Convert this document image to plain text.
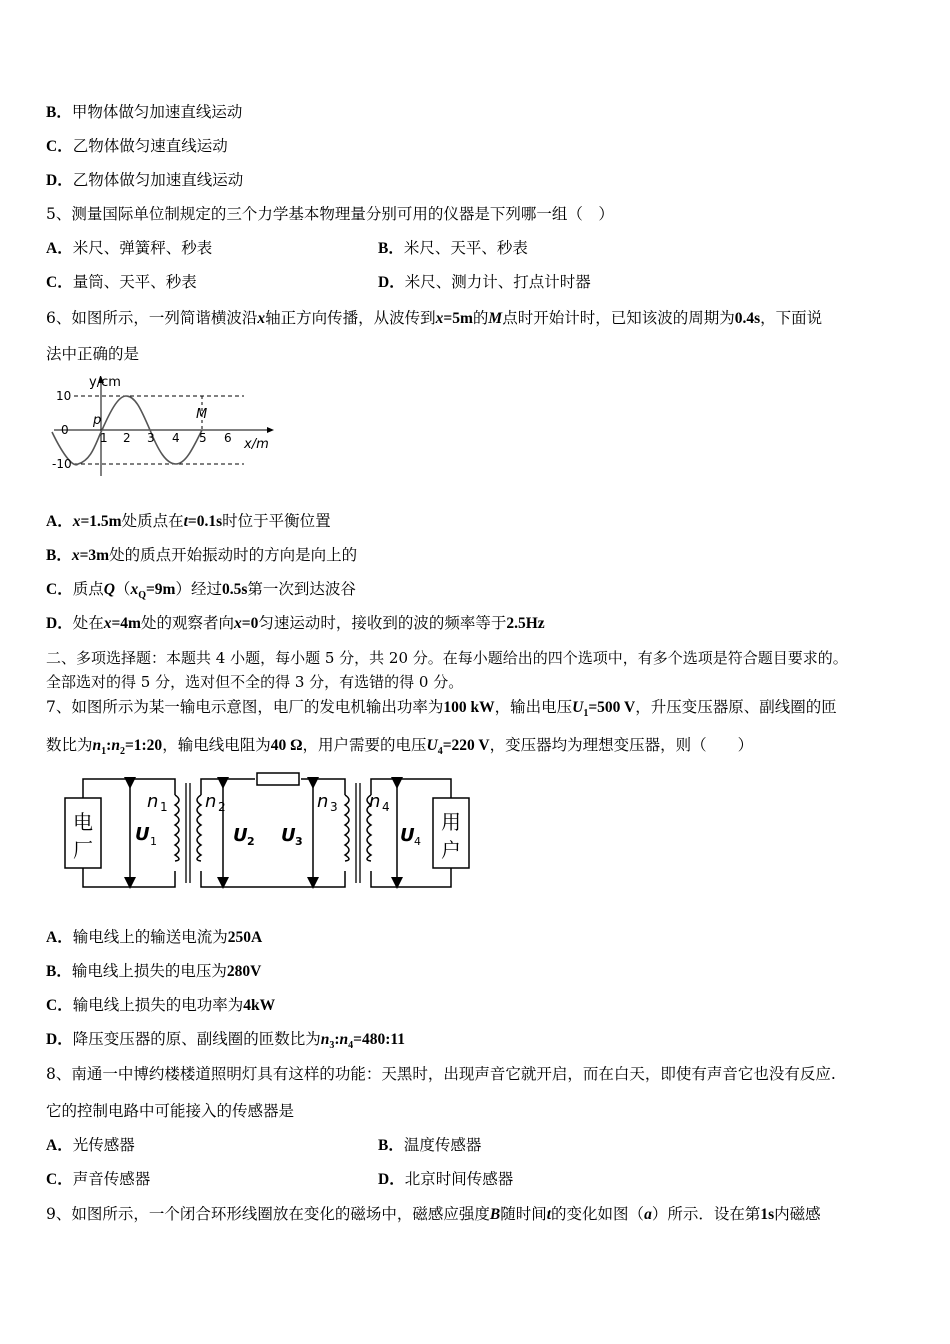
B．甲物体做匀加速直线运动
C．乙物体做匀速直线运动
D．乙物体做匀加速直线运动
5、测量国际单位制规定的三个力学基本物理量分别可用的仪器是下列哪一组（　）
A．米尺、弹簧秤、秒表	B．米尺、天平、秒表
C．量筒、天平、秒表	D．米尺、测力计、打点计时器
6、如图所示，一列简谐横波沿x轴正方向传播，从波传到x=5m的M点时开始计时，已知该波的周期为0.4s，下面说
法中正确的是
y/cm
x/m
10
0
-10
1 2 3 4 5 6
p	M
A．x=1.5m处质点在t=0.1s时位于平衡位置
B．x=3m处的质点开始振动时的方向是向上的
C．质点$Q(x_Q=9m)$经过0.5s第一次到达波谷
D．处在x=4m处的观察者向x=0匀速运动时，接收到的波的频率等于2.5Hz
二、多项选择题：本题共 4 小题，每小题 5 分，共 20 分。在每小题给出的四个选项中，有多个选项是符合题目要求的。
全部选对的得 5 分，选对但不全的得 3 分，有选错的得 0 分。
7、如图所示为某一输电示意图，电厂的发电机输出功率为100 kW，输出电压$U_1=500$ V，升压变压器原、副线圈的匝
数比为$n_1:n_2=1:20$，输电线电阻为40 Ω，用户需要的电压$U_4=220$ V，变压器均为理想变压器，则（　　）
电
厂
U 1
n 1 n 2
U 2 U 3
n 3 n 4
U 4
用
户
A．输电线上的输送电流为250A
B．输电线上损失的电压为280V
C．输电线上损失的电功率为4kW
D．降压变压器的原、副线圈的匝数比为$n_3:n_4=480:11$
8、南通一中博约楼楼道照明灯具有这样的功能：天黑时，出现声音它就开启，而在白天，即使有声音它也没有反应.
它的控制电路中可能接入的传感器是
A．光传感器	B．温度传感器
C．声音传感器	D．北京时间传感器
9、如图所示，一个闭合环形线圈放在变化的磁场中，磁感应强度B随时间t的变化如图（a）所示．设在第1s内磁感
